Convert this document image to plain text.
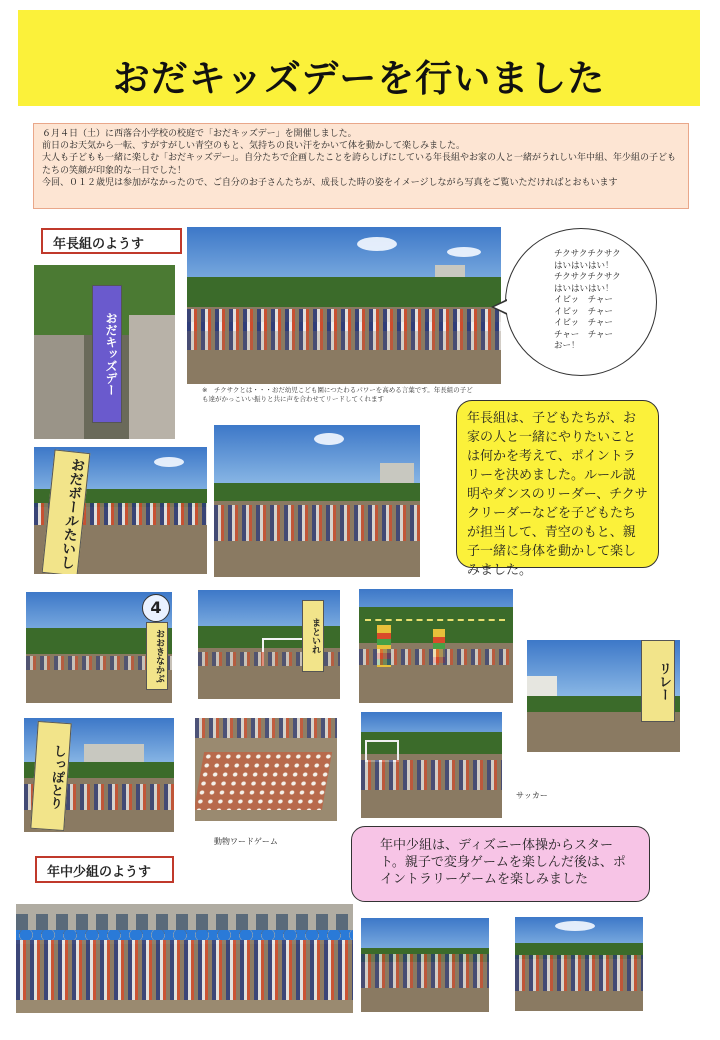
おだキッズデーを行いました

６月４日（土）に西落合小学校の校庭で「おだキッズデー」を開催しました。

前日のお天気から一転、すがすがしい青空のもと、気持ちの良い汗をかいて体を動かして楽しみました。

大人も子どもも一緒に楽しむ「おだキッズデー」。自分たちで企画したことを誇らしげにしている年長組やお家の人と一緒がうれしい年中組、年少組の子どもたちの笑顔が印象的な一日でした！

今回、０１２歳児は参加がなかったので、ご自分のお子さんたちが、成長した時の姿をイメージしながら写真をご覧いただければとおもいます

年長組のようす
おだキッズデー
チクサクチクサク
はいはいはい！
チクサクチクサク
はいはいはい！
イビッ　チャー
イビッ　チャー
イビッ　チャー
チャー　チャー
おー！
※　チクサクとは・・・おだ幼児こども園につたわるパワーを高める言葉です。年長組の子ども達がかっこいい振りと共に声を合わせてリードしてくれます
おだボールたいし
年長組は、子どもたちが、お家の人と一緒にやりたいことは何かを考えて、ポイントラリーを決めました。ルール説明やダンスのリーダー、チクサクリーダーなどを子どもたちが担当して、青空のもと、親子一緒に身体を動かして楽しみました。
4
おおきなかぶ	まといれ
リレー
しっぽとり	サッカー
動物ワードゲーム	年中少組は、ディズニー体操からスタート。親子で変身ゲームを楽しんだ後は、ポイントラリーゲームを楽しみました
年中少組のようす
